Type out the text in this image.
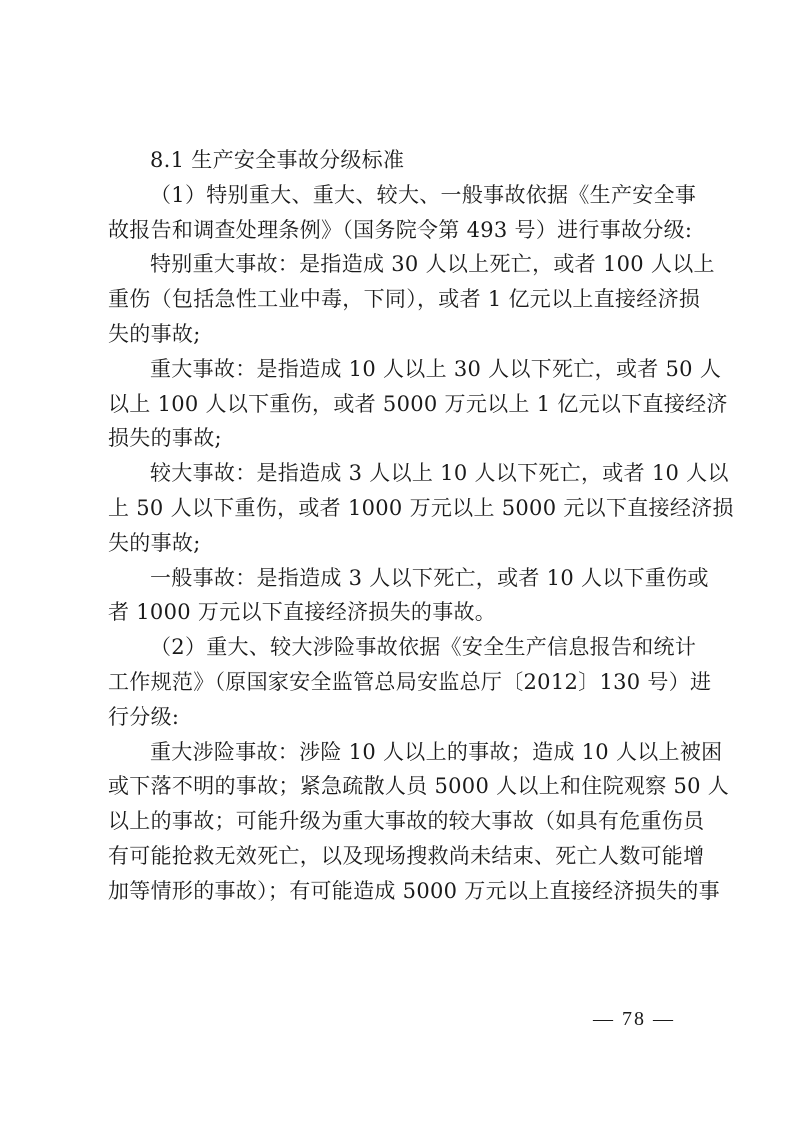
8.1 生产安全事故分级标准
（1）特别重大、重大、较大、一般事故依据《生产安全事
故报告和调查处理条例》（国务院令第 493 号）进行事故分级:
特别重大事故：是指造成 30 人以上死亡，或者 100 人以上
重伤（包括急性工业中毒，下同），或者 1 亿元以上直接经济损
失的事故;
重大事故：是指造成 10 人以上 30 人以下死亡，或者 50 人
以上 100 人以下重伤，或者 5000 万元以上 1 亿元以下直接经济
损失的事故;
较大事故：是指造成 3 人以上 10 人以下死亡，或者 10 人以
上 50 人以下重伤，或者 1000 万元以上 5000 元以下直接经济损
失的事故;
一般事故：是指造成 3 人以下死亡，或者 10 人以下重伤或
者 1000 万元以下直接经济损失的事故。
（2）重大、较大涉险事故依据《安全生产信息报告和统计
工作规范》（原国家安全监管总局安监总厅〔2012〕130 号）进
行分级:
重大涉险事故：涉险 10 人以上的事故；造成 10 人以上被困
或下落不明的事故；紧急疏散人员 5000 人以上和住院观察 50 人
以上的事故；可能升级为重大事故的较大事故（如具有危重伤员
有可能抢救无效死亡，以及现场搜救尚未结束、死亡人数可能增
加等情形的事故）；有可能造成 5000 万元以上直接经济损失的事
— 78 —
